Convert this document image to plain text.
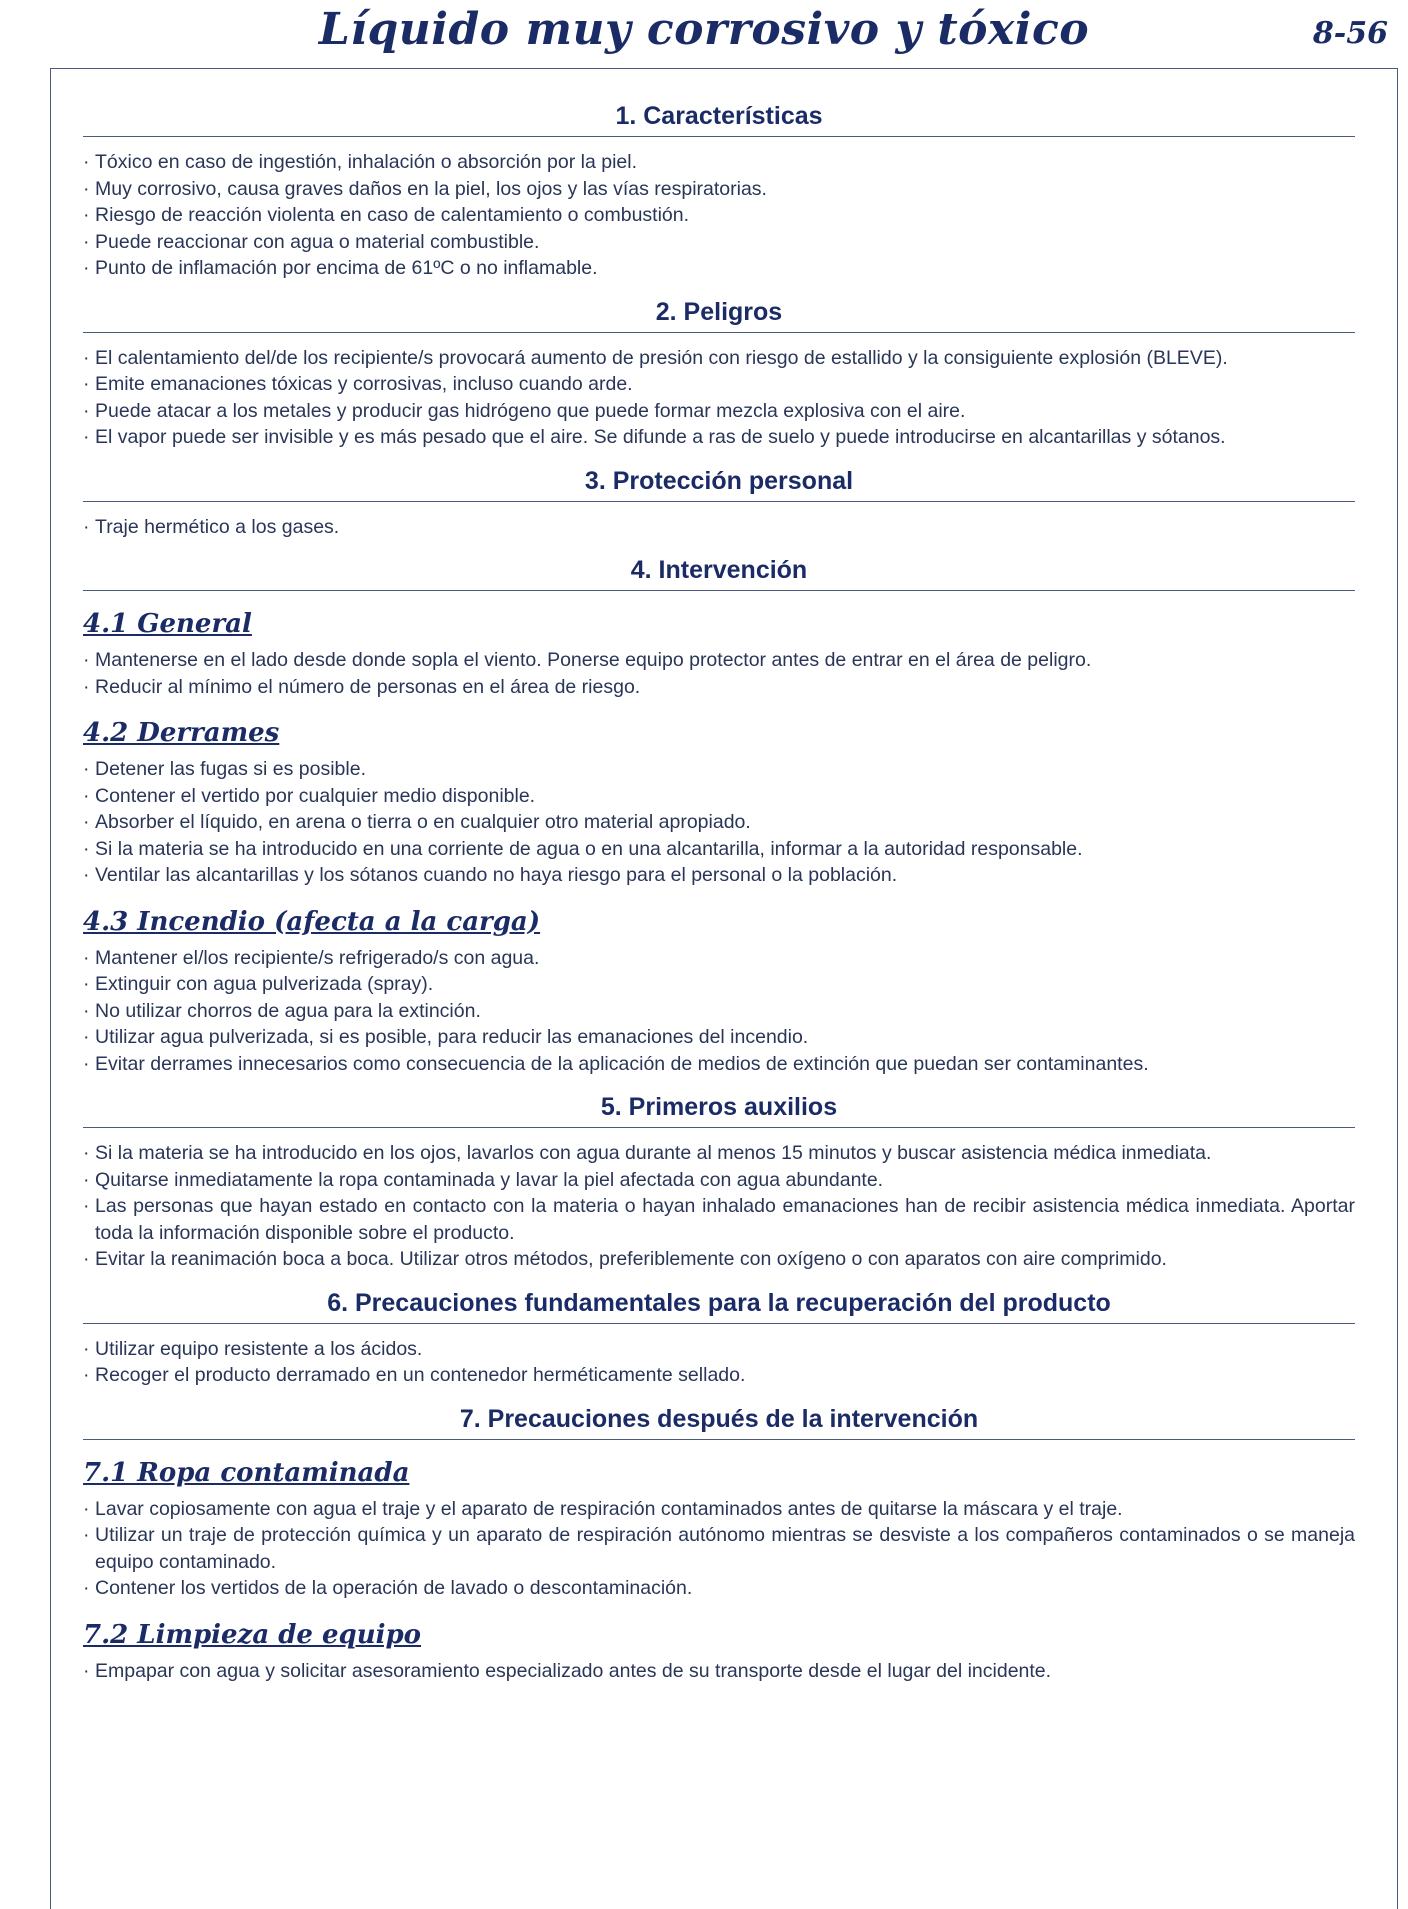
Líquido muy corrosivo y tóxico	8-56
1. Características
· Tóxico en caso de ingestión, inhalación o absorción por la piel.
· Muy corrosivo, causa graves daños en la piel, los ojos y las vías respiratorias.
· Riesgo de reacción violenta en caso de calentamiento o combustión.
· Puede reaccionar con agua o material combustible.
· Punto de inflamación por encima de 61ºC o no inflamable.
2. Peligros
· El calentamiento del/de los recipiente/s provocará aumento de presión con riesgo de estallido y la consiguiente explosión (BLEVE).
· Emite emanaciones tóxicas y corrosivas, incluso cuando arde.
· Puede atacar a los metales y producir gas hidrógeno que puede formar mezcla explosiva con el aire.
· El vapor puede ser invisible y es más pesado que el aire. Se difunde a ras de suelo y puede introducirse en alcantarillas y sótanos.
3. Protección personal
· Traje hermético a los gases.
4. Intervención
4.1 General
· Mantenerse en el lado desde donde sopla el viento. Ponerse equipo protector antes de entrar en el área de peligro.
· Reducir al mínimo el número de personas en el área de riesgo.
4.2 Derrames
· Detener las fugas si es posible.
· Contener el vertido por cualquier medio disponible.
· Absorber el líquido, en arena o tierra o en cualquier otro material apropiado.
· Si la materia se ha introducido en una corriente de agua o en una alcantarilla, informar a la autoridad responsable.
· Ventilar las alcantarillas y los sótanos cuando no haya riesgo para el personal o la población.
4.3 Incendio (afecta a la carga)
· Mantener el/los recipiente/s refrigerado/s con agua.
· Extinguir con agua pulverizada (spray).
· No utilizar chorros de agua para la extinción.
· Utilizar agua pulverizada, si es posible, para reducir las emanaciones del incendio.
· Evitar derrames innecesarios como consecuencia de la aplicación de medios de extinción que puedan ser contaminantes.
5. Primeros auxilios
· Si la materia se ha introducido en los ojos, lavarlos con agua durante al menos 15 minutos y buscar asistencia médica inmediata.
· Quitarse inmediatamente la ropa contaminada y lavar la piel afectada con agua abundante.
· Las personas que hayan estado en contacto con la materia o hayan inhalado emanaciones han de recibir asistencia médica inmediata. Aportar toda la información disponible sobre el producto.
· Evitar la reanimación boca a boca. Utilizar otros métodos, preferiblemente con oxígeno o con aparatos con aire comprimido.
6. Precauciones fundamentales para la recuperación del producto
· Utilizar equipo resistente a los ácidos.
· Recoger el producto derramado en un contenedor herméticamente sellado.
7. Precauciones después de la intervención
7.1 Ropa contaminada
· Lavar copiosamente con agua el traje y el aparato de respiración contaminados antes de quitarse la máscara y el traje.
· Utilizar un traje de protección química y un aparato de respiración autónomo mientras se desviste a los compañeros contaminados o se maneja equipo contaminado.
· Contener los vertidos de la operación de lavado o descontaminación.
7.2 Limpieza de equipo
· Empapar con agua y solicitar asesoramiento especializado antes de su transporte desde el lugar del incidente.
